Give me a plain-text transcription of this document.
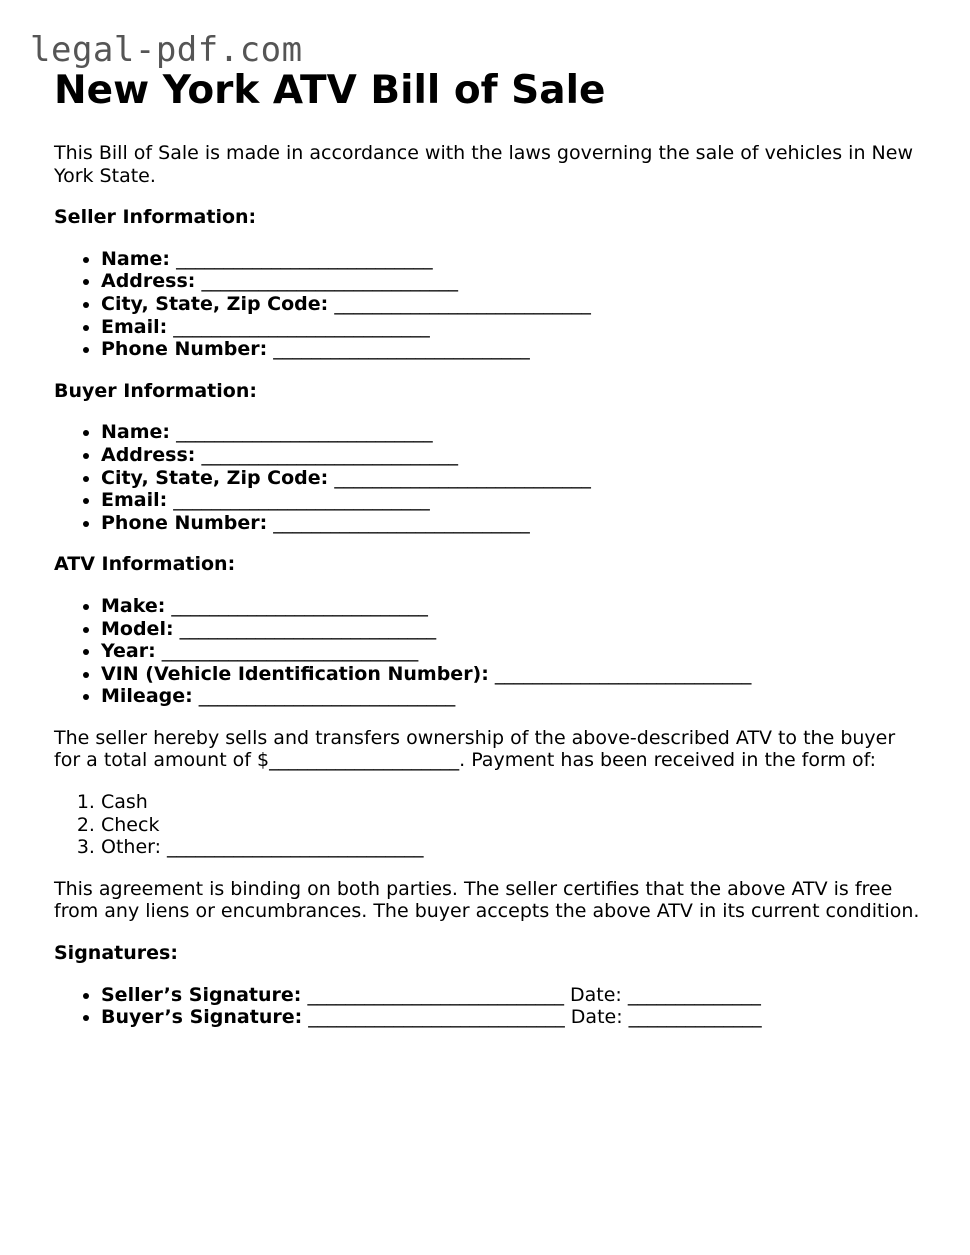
legal-pdf.com
New York ATV Bill of Sale

This Bill of Sale is made in accordance with the laws governing the sale of vehicles in New York State.

Seller Information:
• Name: ___________________________
• Address: ___________________________
• City, State, Zip Code: ___________________________
• Email: ___________________________
• Phone Number: ___________________________
Buyer Information:
• Name: ___________________________
• Address: ___________________________
• City, State, Zip Code: ___________________________
• Email: ___________________________
• Phone Number: ___________________________
ATV Information:
• Make: ___________________________
• Model: ___________________________
• Year: ___________________________
• VIN (Vehicle Identification Number): ___________________________
• Mileage: ___________________________

The seller hereby sells and transfers ownership of the above-described ATV to the buyer for a total amount of $____________________. Payment has been received in the form of:

1. Cash
2. Check
3. Other: ___________________________

This agreement is binding on both parties. The seller certifies that the above ATV is free from any liens or encumbrances. The buyer accepts the above ATV in its current condition.

Signatures:
• Seller’s Signature: ___________________________ Date: ______________
• Buyer’s Signature: ___________________________ Date: ______________
